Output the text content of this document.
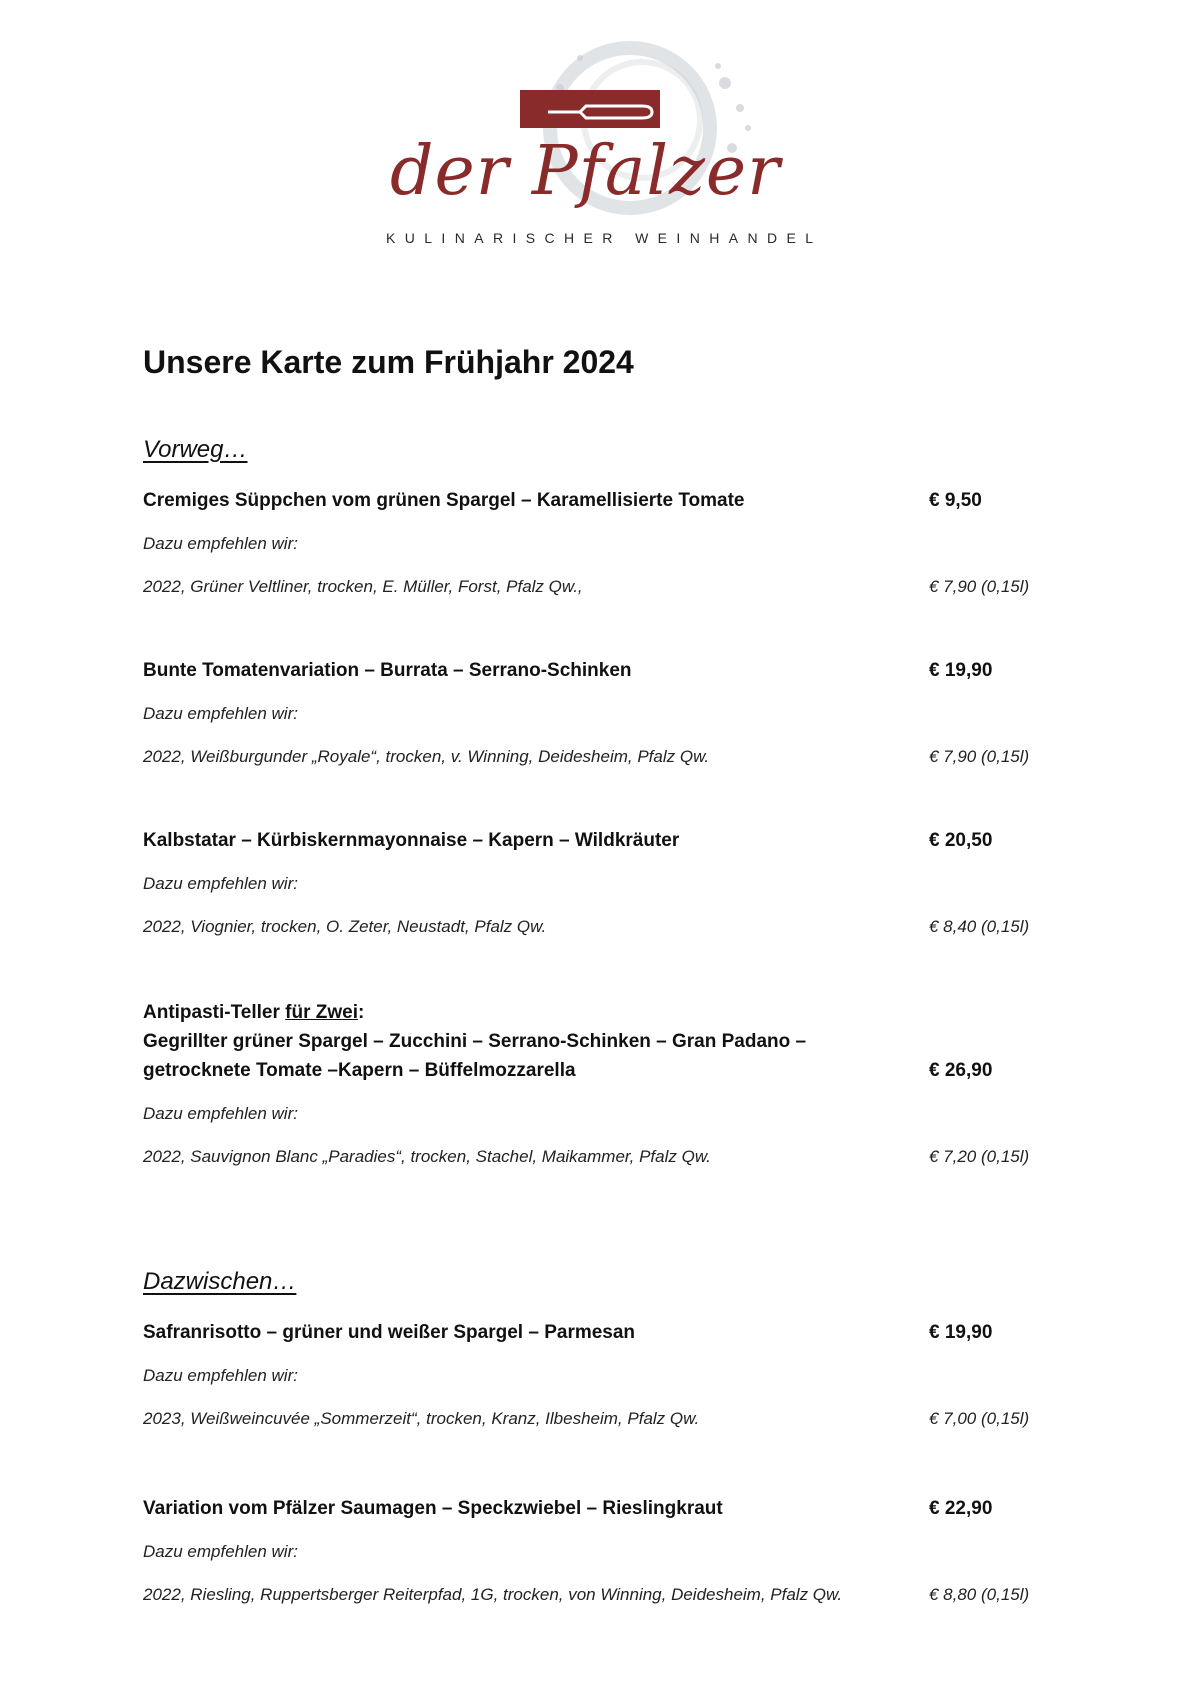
der Pfalzer
KULINARISCHER WEINHANDEL
Unsere Karte zum Frühjahr 2024
Vorweg…
Cremiges Süppchen vom grünen Spargel – Karamellisierte Tomate	€ 9,50
Dazu empfehlen wir:
2022, Grüner Veltliner, trocken, E. Müller, Forst, Pfalz Qw.,	€ 7,90 (0,15l)
Bunte Tomatenvariation – Burrata – Serrano-Schinken	€ 19,90
Dazu empfehlen wir:
2022, Weißburgunder „Royale“, trocken, v. Winning, Deidesheim, Pfalz Qw.	€ 7,90 (0,15l)
Kalbstatar – Kürbiskernmayonnaise – Kapern – Wildkräuter	€ 20,50
Dazu empfehlen wir:
2022, Viognier, trocken, O. Zeter, Neustadt, Pfalz Qw.	€ 8,40 (0,15l)
Antipasti-Teller für Zwei:
Gegrillter grüner Spargel – Zucchini – Serrano-Schinken – Gran Padano –
getrocknete Tomate –Kapern – Büffelmozzarella	€ 26,90
Dazu empfehlen wir:
2022, Sauvignon Blanc „Paradies“, trocken, Stachel, Maikammer, Pfalz Qw.	€ 7,20 (0,15l)
Dazwischen…
Safranrisotto – grüner und weißer Spargel – Parmesan	€ 19,90
Dazu empfehlen wir:
2023, Weißweincuvée „Sommerzeit“, trocken, Kranz, Ilbesheim, Pfalz Qw.	€ 7,00 (0,15l)
Variation vom Pfälzer Saumagen – Speckzwiebel – Rieslingkraut	€ 22,90
Dazu empfehlen wir:
2022, Riesling, Ruppertsberger Reiterpfad, 1G, trocken, von Winning, Deidesheim, Pfalz Qw.	€ 8,80 (0,15l)
